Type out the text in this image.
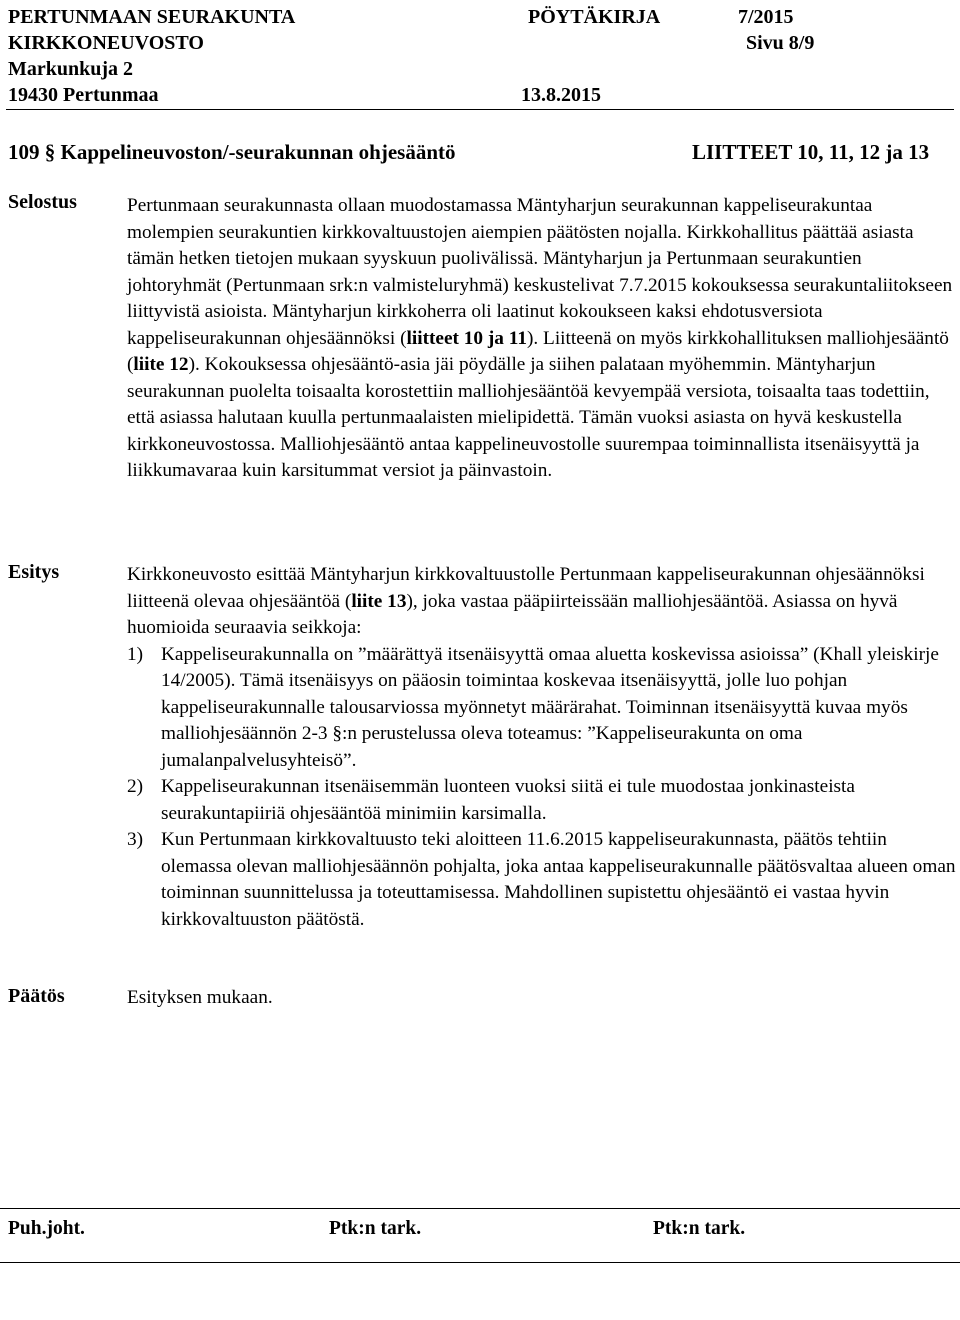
PERTUNMAAN SEURAKUNTA	PÖYTÄKIRJA	7/2015
KIRKKONEUVOSTO	Sivu 8/9
Markunkuja 2
19430 Pertunmaa	13.8.2015
109 § Kappelineuvoston/-seurakunnan ohjesääntö	LIITTEET 10, 11, 12 ja 13
Selostus	Pertunmaan seurakunnasta ollaan muodostamassa Mäntyharjun seurakunnan kappeliseurakuntaa molempien seurakuntien kirkkovaltuustojen aiempien päätösten nojalla. Kirkkohallitus päättää asiasta tämän hetken tietojen mukaan syyskuun puolivälissä. Mäntyharjun ja Pertunmaan seurakuntien johtoryhmät (Pertunmaan srk:n valmisteluryhmä) keskustelivat 7.7.2015 kokouksessa seurakuntaliitokseen liittyvistä asioista. Mäntyharjun kirkkoherra oli laatinut kokoukseen kaksi ehdotusversiota kappeliseurakunnan ohjesäännöksi (liitteet 10 ja 11). Liitteenä on myös kirkkohallituksen malliohjesääntö (liite 12). Kokouksessa ohjesääntö-asia jäi pöydälle ja siihen palataan myöhemmin. Mäntyharjun seurakunnan puolelta toisaalta korostettiin malliohjesääntöä kevyempää versiota, toisaalta taas todettiin, että asiassa halutaan kuulla pertunmaalaisten mielipidettä. Tämän vuoksi asiasta on hyvä keskustella kirkkoneuvostossa. Malliohjesääntö antaa kappelineuvostolle suurempaa toiminnallista itsenäisyyttä ja liikkumavaraa kuin karsitummat versiot ja päinvastoin.

Esitys	Kirkkoneuvosto esittää Mäntyharjun kirkkovaltuustolle Pertunmaan kappeliseurakunnan ohjesäännöksi liitteenä olevaa ohjesääntöä (liite 13), joka vastaa pääpiirteissään malliohjesääntöä. Asiassa on hyvä huomioida seuraavia seikkoja:

1) Kappeliseurakunnalla on ”määrättyä itsenäisyyttä omaa aluetta koskevissa asioissa” (Khall yleiskirje 14/2005). Tämä itsenäisyys on pääosin toimintaa koskevaa itsenäisyyttä, jolle luo pohjan kappeliseurakunnalle talousarviossa myönnetyt määrärahat. Toiminnan itsenäisyyttä kuvaa myös malliohjesäännön 2-3 §:n perustelussa oleva toteamus: ”Kappeliseurakunta on oma jumalanpalvelusyhteisö”.
2) Kappeliseurakunnan itsenäisemmän luonteen vuoksi siitä ei tule muodostaa jonkinasteista seurakuntapiiriä ohjesääntöä minimiin karsimalla.
3) Kun Pertunmaan kirkkovaltuusto teki aloitteen 11.6.2015 kappeliseurakunnasta, päätös tehtiin olemassa olevan malliohjesäännön pohjalta, joka antaa kappeliseurakunnalle päätösvaltaa alueen oman toiminnan suunnittelussa ja toteuttamisessa. Mahdollinen supistettu ohjesääntö ei vastaa hyvin kirkkovaltuuston päätöstä.
Päätös	Esityksen mukaan.
Puh.joht.	Ptk:n tark.	Ptk:n tark.
